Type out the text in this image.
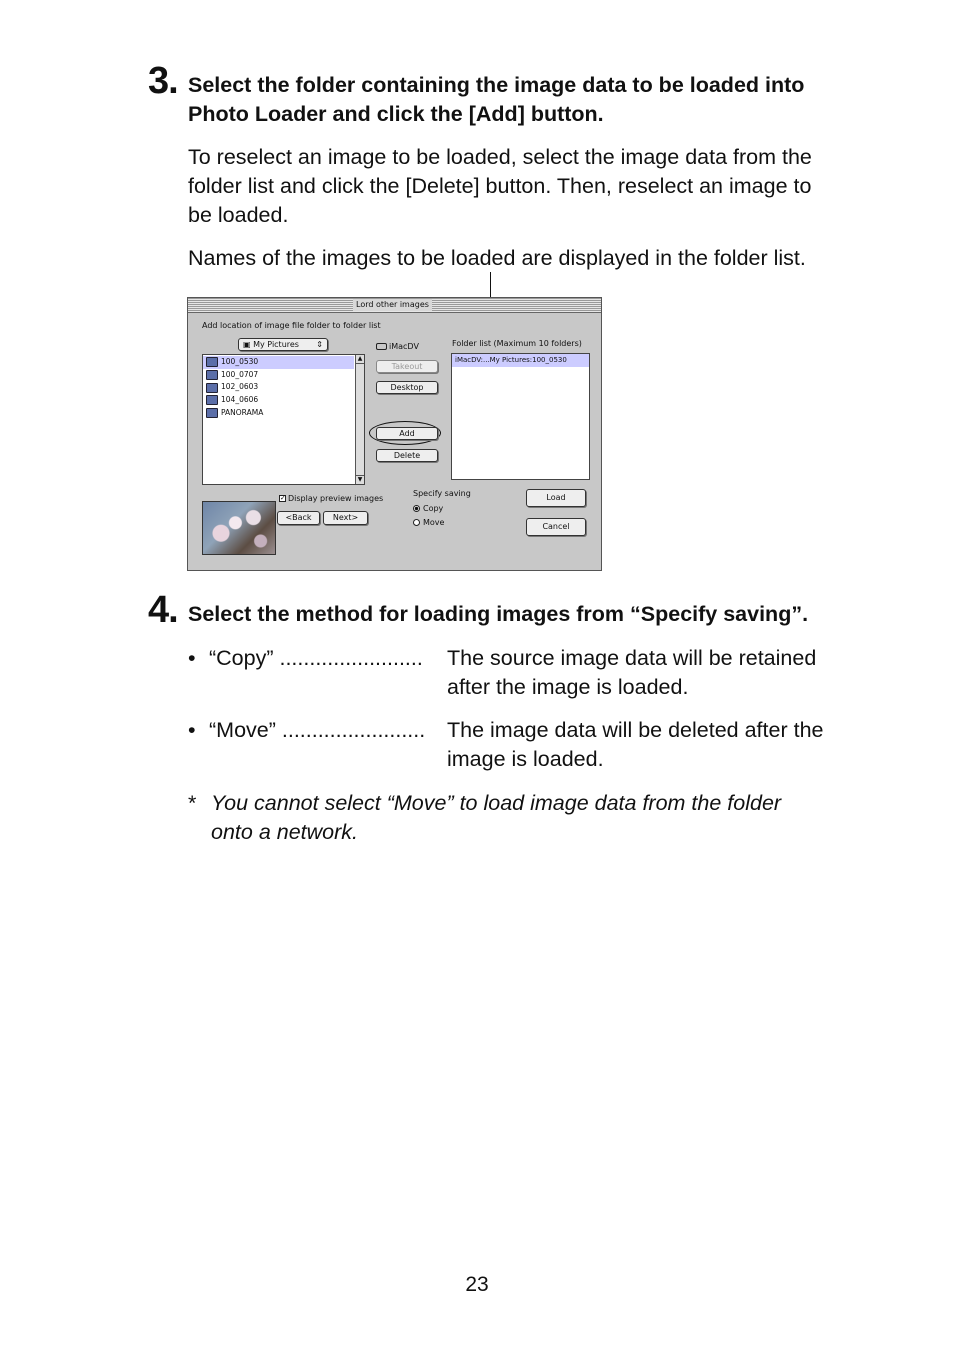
3. Select the folder containing the image data to be loaded into
Photo Loader and click the [Add] button.
To reselect an image to be loaded, select the image data from the
folder list and click the [Delete] button. Then, reselect an image to
be loaded.
Names of the images to be loaded are displayed in the folder list.
Lord other images
Add location of image file folder to folder list
▣ My Pictures ⇕
▲
▼
100_0530
100_0707
102_0603
104_0606
PANORAMA
iMacDV
Takeout
Desktop
Add
Delete
Folder list (Maximum 10 folders)
iMacDV:...My Pictures:100_0530
✓ Display preview images
<Back	Next>
Specify saving
Copy
Move
Load
Cancel
4. Select the method for loading images from “Specify saving”.
• “Copy” ........................ The source image data will be retained
after the image is loaded.
• “Move” ........................ The image data will be deleted after the
image is loaded.
* You cannot select “Move” to load image data from the folder
onto a network.
23
